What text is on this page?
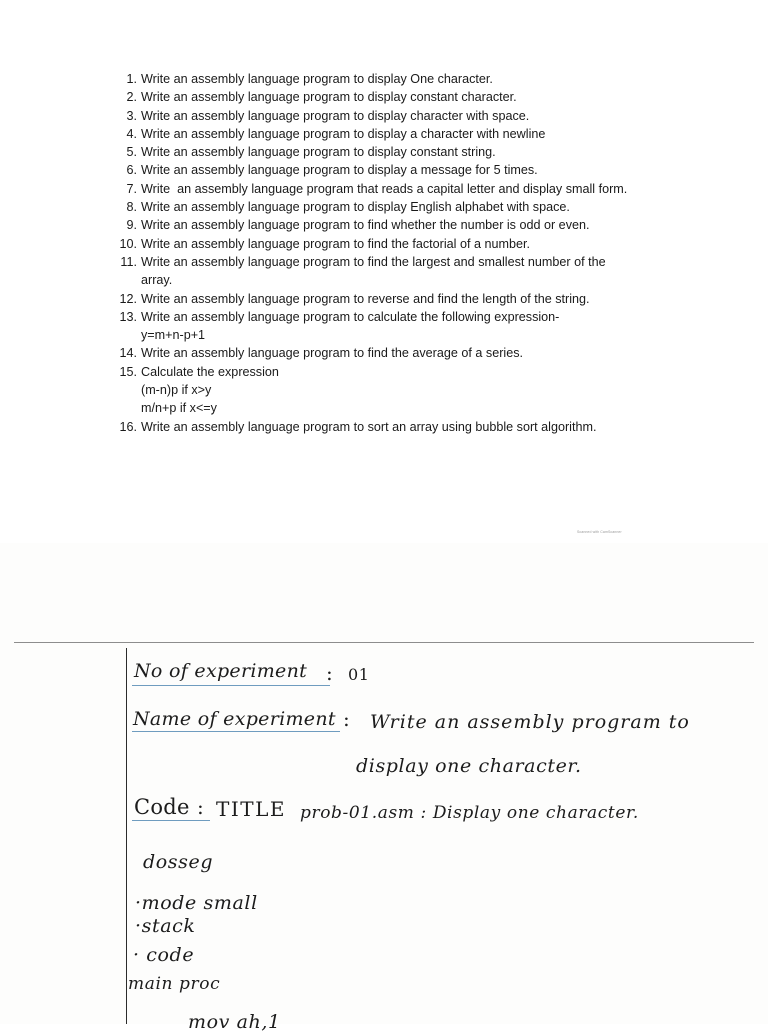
1. Write an assembly language program to display One character.
2. Write an assembly language program to display constant character.
3. Write an assembly language program to display character with space.
4. Write an assembly language program to display a character with newline
5. Write an assembly language program to display constant string.
6. Write an assembly language program to display a message for 5 times.
7. Write  an assembly language program that reads a capital letter and display small form.
8. Write an assembly language program to display English alphabet with space.
9. Write an assembly language program to find whether the number is odd or even.
10. Write an assembly language program to find the factorial of a number.
11. Write an assembly language program to find the largest and smallest number of the
array.
12. Write an assembly language program to reverse and find the length of the string.
13. Write an assembly language program to calculate the following expression-
y=m+n-p+1
14. Write an assembly language program to find the average of a series.
15. Calculate the expression
(m-n)p if x>y
m/n+p if x<=y
16. Write an assembly language program to sort an array using bubble sort algorithm.
Scanned with CamScanner
No of experiment : 01
Name of experiment : Write an assembly program to
display one character.
Code : TITLE prob-01.asm : Display one character.
dosseg
·mode small
·stack
· code
main proc
mov ah,1
